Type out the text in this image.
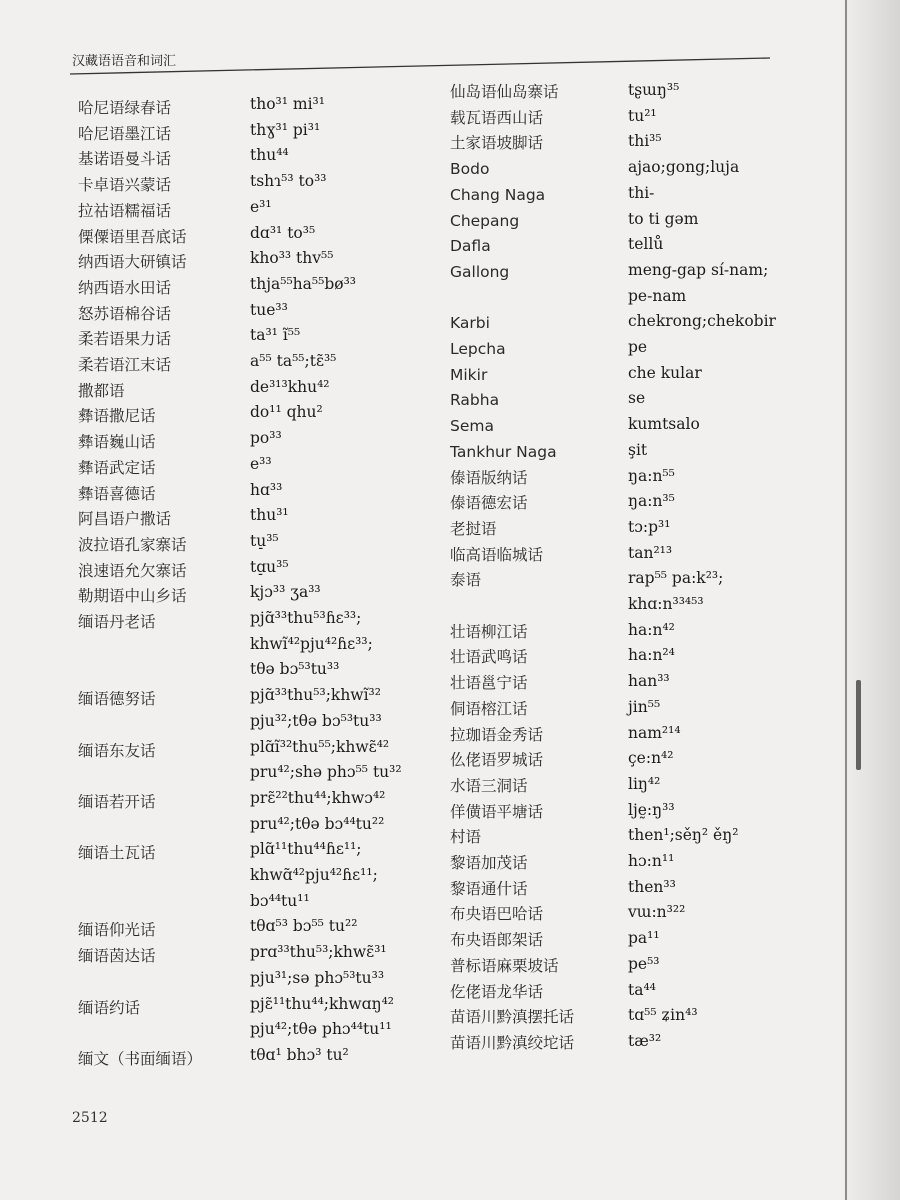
汉藏语语音和词汇
哈尼语绿春话
哈尼语墨江话
基诺语曼斗话
卡卓语兴蒙话
拉祜语糯福话
傈僳语里吾底话
纳西语大研镇话
纳西语水田话
怒苏语棉谷话
柔若语果力话
柔若语江末话
撒都语
彝语撒尼话
彝语巍山话
彝语武定话
彝语喜德话
阿昌语户撒话
波拉语孔家寨话
浪速语允欠寨话
勒期语中山乡话
缅语丹老话
缅语德努话
缅语东友话
缅语若开话
缅语土瓦话
缅语仰光话
缅语茵达话
缅语约话
缅文（书面缅语）
tho³¹ mi³¹
thɣ³¹ pi³¹
thu⁴⁴
tshɿ⁵³ to³³
e³¹
dɑ³¹ to³⁵
kho³³ thv⁵⁵
thja⁵⁵ha⁵⁵bø³³
tue³³
ta³¹ ĩ⁵⁵
a⁵⁵ ta⁵⁵;tɛ̃³⁵
de³¹³khu⁴²
do¹¹ qhu²
po³³
e³³
hɑ³³
thu³¹
tu̠³⁵
tɑ̠u³⁵
kjɔ³³ ʒa³³
pjɑ̃³³thu⁵³ɦɛ³³;
khwĩ⁴²pju⁴²ɦɛ³³;
tθə bɔ⁵³tu³³
pjɑ̃³³thu⁵³;khwĩ³²
pju³²;tθə bɔ⁵³tu³³
plɑ̃ĩ³²thu⁵⁵;khwɛ̃⁴²
pru⁴²;shə phɔ⁵⁵ tu³²
prɛ̃²²thu⁴⁴;khwɔ⁴²
pru⁴²;tθə bɔ⁴⁴tu²²
plɑ̃¹¹thu⁴⁴ɦɛ¹¹;
khwɑ̃⁴²pju⁴²ɦɛ¹¹;
bɔ⁴⁴tu¹¹
tθɑ⁵³ bɔ⁵⁵ tu²²
prɑ³³thu⁵³;khwɛ̃³¹
pju³¹;sə phɔ⁵³tu³³
pjɛ̃¹¹thu⁴⁴;khwɑŋ⁴²
pju⁴²;tθə phɔ⁴⁴tu¹¹
tθɑ¹ bhɔ³ tu²
仙岛语仙岛寨话
载瓦语西山话
土家语坡脚话
Bodo
Chang Naga
Chepang
Dafla
Gallong
Karbi
Lepcha
Mikir
Rabha
Sema
Tankhur Naga
傣语版纳话
傣语德宏话
老挝语
临高语临城话
泰语
壮语柳江话
壮语武鸣话
壮语邕宁话
侗语榕江话
拉珈语金秀话
仫佬语罗城话
水语三洞话
佯僙语平塘话
村语
黎语加茂话
黎语通什话
布央语巴哈话
布央语郎架话
普标语麻栗坡话
仡佬语龙华话
苗语川黔滇摆托话
苗语川黔滇绞坨话
tʂɯŋ³⁵
tu²¹
thi³⁵
ajao;gong;luja
thi-
to ti gəm
tellů
meng-gap sí-nam;
pe-nam
chekrong;chekobir
pe
che kular
se
kumtsalo
şit
ŋa:n⁵⁵
ŋa:n³⁵
tɔ:p³¹
tan²¹³
rap⁵⁵ pa:k²³;
khɑ:n³³⁴⁵³
ha:n⁴²
ha:n²⁴
han³³
jin⁵⁵
nam²¹⁴
çe:n⁴²
liŋ⁴²
ljḛ:ŋ³³
then¹;sěŋ² ěŋ²
hɔ:n¹¹
then³³
vɯ:n³²²
pa¹¹
pe⁵³
ta⁴⁴
tɑ⁵⁵ ʑin⁴³
tæ³²
2512
